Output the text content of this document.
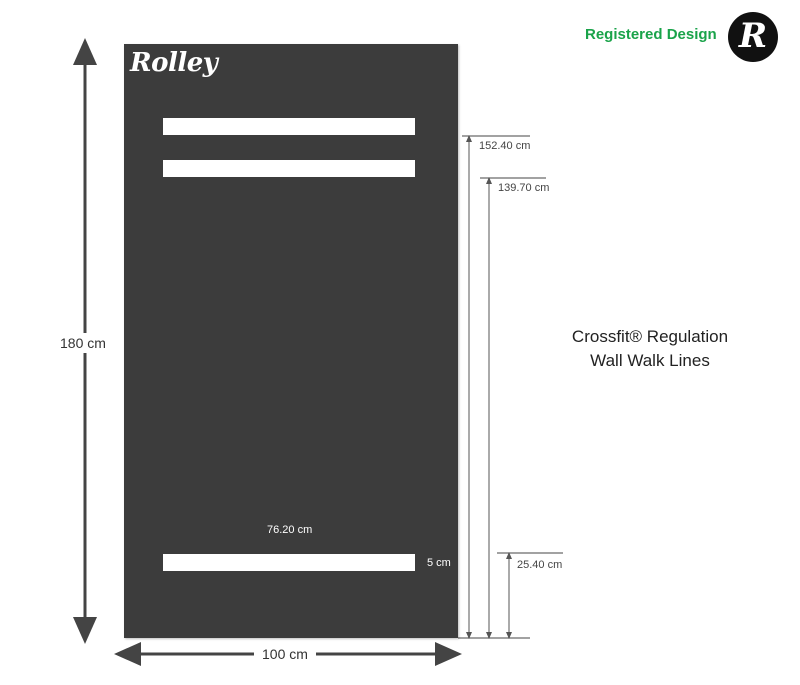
Rolley
76.20 cm
5 cm
180 cm
100 cm
152.40 cm
139.70 cm
25.40 cm
Registered Design R
Crossfit® Regulation
Wall Walk Lines
